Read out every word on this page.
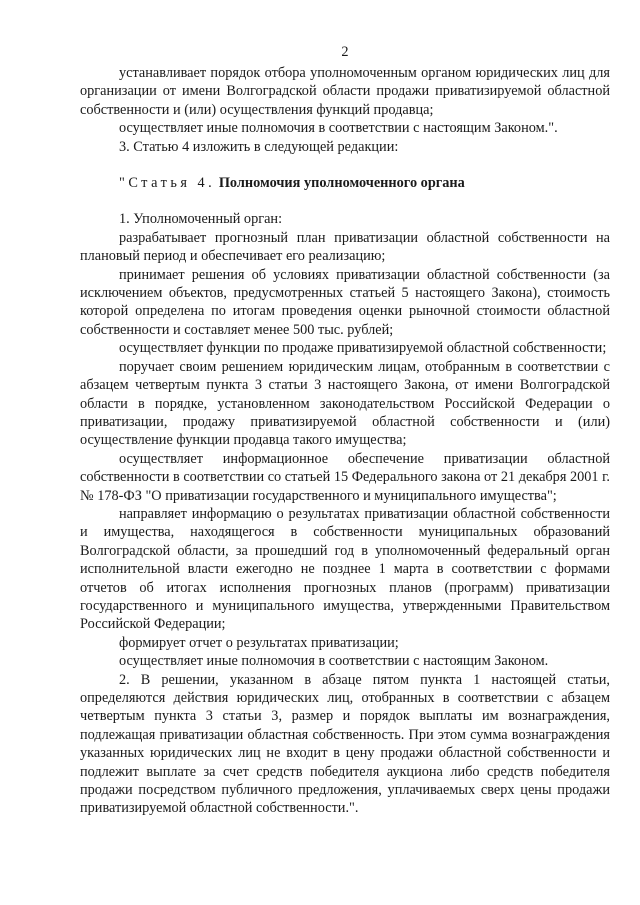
2

устанавливает порядок отбора уполномоченным органом юридических лиц для организации от имени Волгоградской области продажи приватизируемой областной собственности и (или) осуществления функций продавца;

осуществляет иные полномочия в соответствии с настоящим Законом.".

3. Статью 4 изложить в следующей редакции:

"Статья 4. Полномочия уполномоченного органа

1. Уполномоченный орган:

разрабатывает прогнозный план приватизации областной собственности на плановый период и обеспечивает его реализацию;

принимает решения об условиях приватизации областной собственности (за исключением объектов, предусмотренных статьей 5 настоящего Закона), стоимость которой определена по итогам проведения оценки рыночной стоимости областной собственности и составляет менее 500 тыс. рублей;

осуществляет функции по продаже приватизируемой областной собственности;

поручает своим решением юридическим лицам, отобранным в соответствии с абзацем четвертым пункта 3 статьи 3 настоящего Закона, от имени Волгоградской области в порядке, установленном законодательством Российской Федерации о приватизации, продажу приватизируемой областной собственности и (или) осуществление функции продавца такого имущества;

осуществляет информационное обеспечение приватизации областной собственности в соответствии со статьей 15 Федерального закона от 21 декабря 2001 г. № 178-ФЗ "О приватизации государственного и муниципального имущества";

направляет информацию о результатах приватизации областной собственности и имущества, находящегося в собственности муниципальных образований Волгоградской области, за прошедший год в уполномоченный федеральный орган исполнительной власти ежегодно не позднее 1 марта в соответствии с формами отчетов об итогах исполнения прогнозных планов (программ) приватизации государственного и муниципального имущества, утвержденными Правительством Российской Федерации;

формирует отчет о результатах приватизации;

осуществляет иные полномочия в соответствии с настоящим Законом.

2. В решении, указанном в абзаце пятом пункта 1 настоящей статьи, определяются действия юридических лиц, отобранных в соответствии с абзацем четвертым пункта 3 статьи 3, размер и порядок выплаты им вознаграждения, подлежащая приватизации областная собственность. При этом сумма вознаграждения указанных юридических лиц не входит в цену продажи областной собственности и подлежит выплате за счет средств победителя аукциона либо средств победителя продажи посредством публичного предложения, уплачиваемых сверх цены продажи приватизируемой областной собственности.".
